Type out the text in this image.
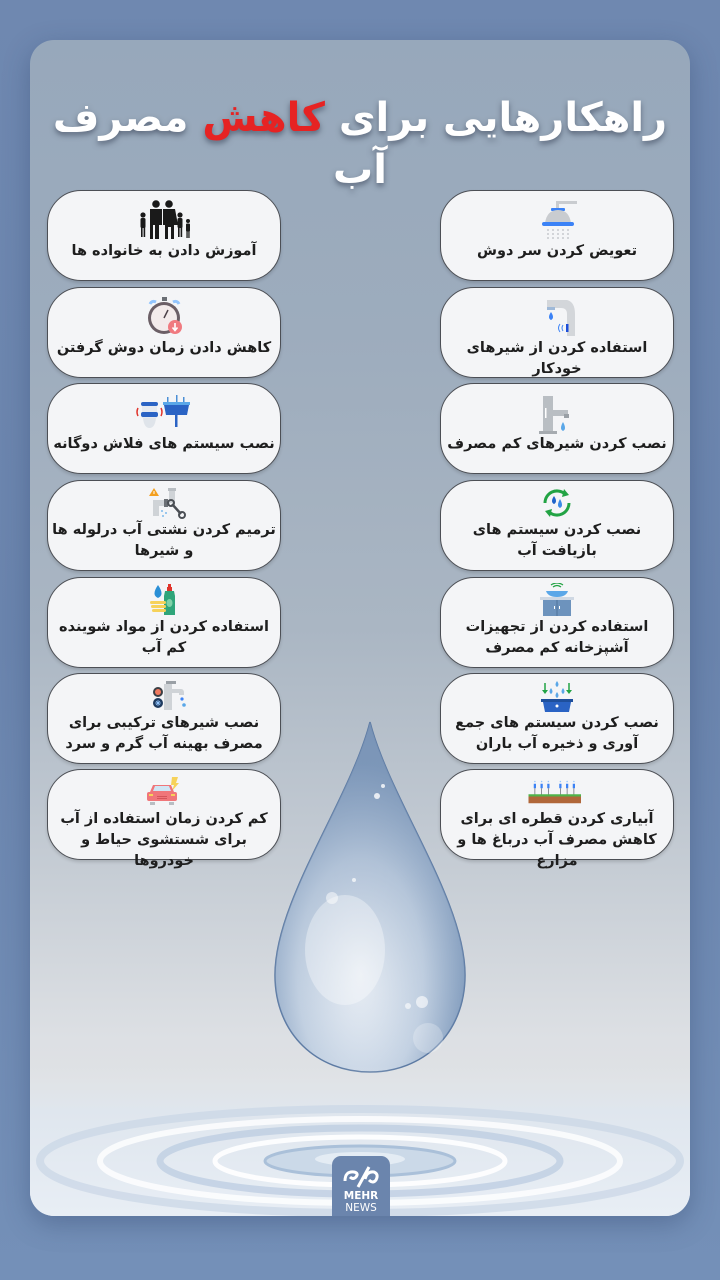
راهکارهایی برای کاهش مصرف آب
تعویض کردن سر دوش
استفاده کردن از شیرهای خودکار
نصب کردن شیرهای کم مصرف
نصب کردن سیستم های بازیافت آب
استفاده کردن از تجهیزات آشپزخانه کم مصرف
نصب کردن سیستم های جمع آوری و ذخیره آب باران
آبیاری کردن قطره ای برای کاهش مصرف آب درباغ ها و مزارع
آموزش دادن به خانواده ها
کاهش دادن زمان دوش گرفتن
نصب سیستم های فلاش دوگانه
ترمیم کردن نشتی آب درلوله ها و شیرها
استفاده کردن از مواد شوینده کم آب
نصب شیرهای ترکیبی برای مصرف بهینه آب گرم و سرد
کم کردن زمان استفاده از آب برای شستشوی حیاط و خودروها
MEHR
NEWS
